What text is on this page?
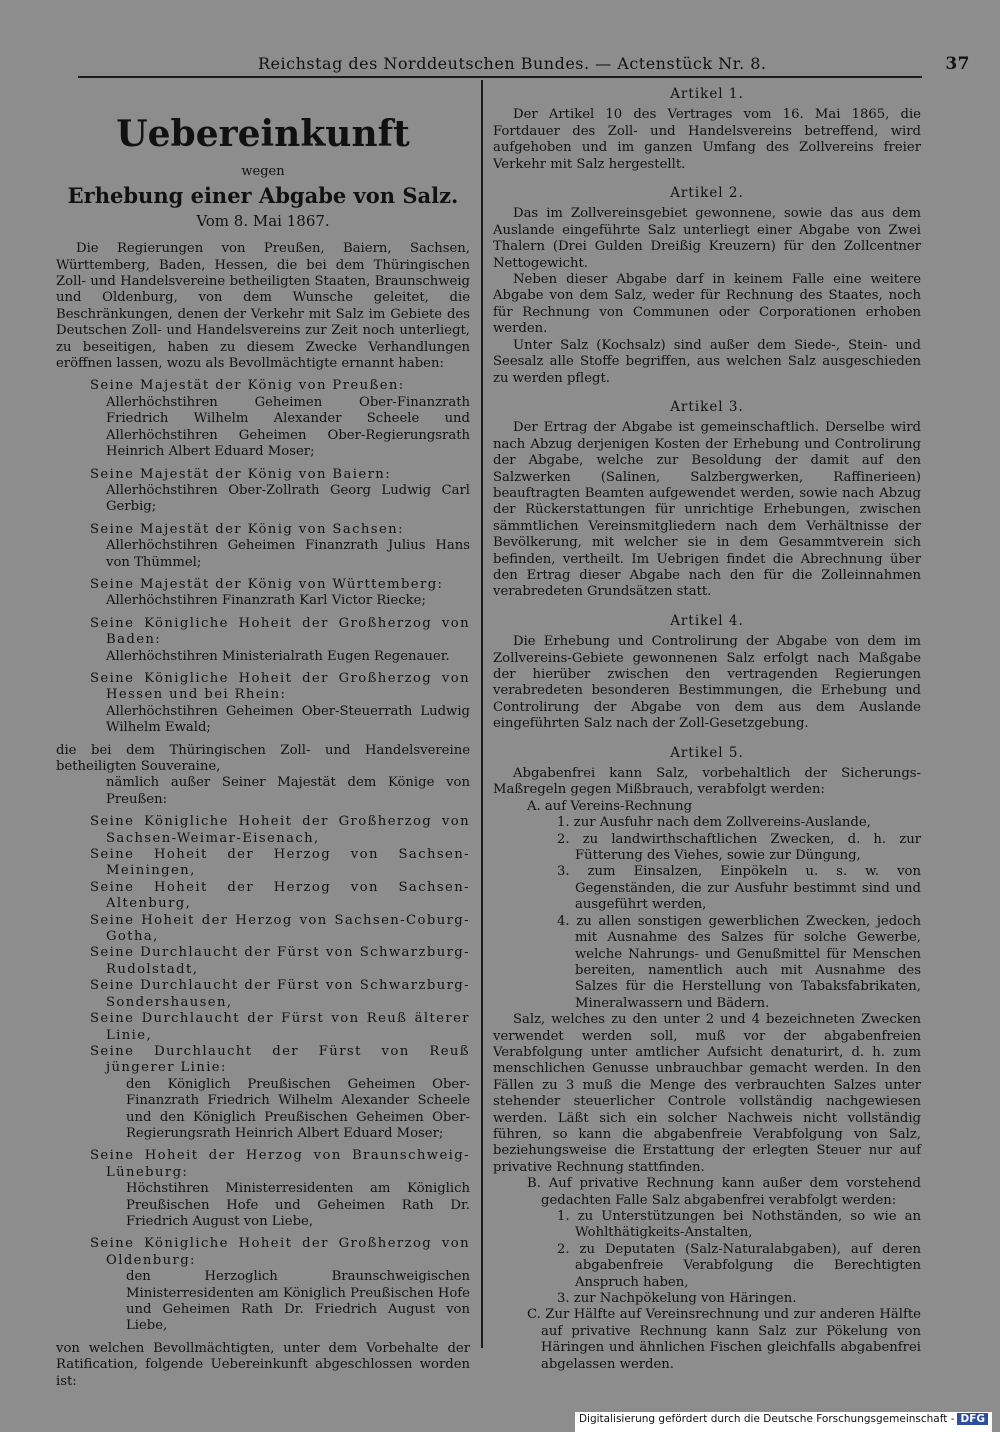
Reichstag des Norddeutschen Bundes. — Actenstück Nr. 8.	37
Uebereinkunft
wegen
Erhebung einer Abgabe von Salz.
Vom 8. Mai 1867.

Die Regierungen von Preußen, Baiern, Sachsen, Württemberg, Baden, Hessen, die bei dem Thüringischen Zoll- und Handelsvereine betheiligten Staaten, Braunschweig und Oldenburg, von dem Wunsche geleitet, die Beschränkungen, denen der Verkehr mit Salz im Gebiete des Deutschen Zoll- und Handelsvereins zur Zeit noch unterliegt, zu beseitigen, haben zu diesem Zwecke Verhandlungen eröffnen lassen, wozu als Bevollmächtigte ernannt haben:

Seine Majestät der König von Preußen:
Allerhöchstihren Geheimen Ober-Finanzrath Friedrich Wilhelm Alexander Scheele und Allerhöchstihren Geheimen Ober-Regierungsrath Heinrich Albert Eduard Moser;
Seine Majestät der König von Baiern:
Allerhöchstihren Ober-Zollrath Georg Ludwig Carl Gerbig;
Seine Majestät der König von Sachsen:
Allerhöchstihren Geheimen Finanzrath Julius Hans von Thümmel;
Seine Majestät der König von Württemberg:
Allerhöchstihren Finanzrath Karl Victor Riecke;
Seine Königliche Hoheit der Großherzog von Baden:
Allerhöchstihren Ministerialrath Eugen Regenauer.
Seine Königliche Hoheit der Großherzog von Hessen und bei Rhein:
Allerhöchstihren Geheimen Ober-Steuerrath Ludwig Wilhelm Ewald;
die bei dem Thüringischen Zoll- und Handelsvereine betheiligten Souveraine,
nämlich außer Seiner Majestät dem Könige von Preußen:
Seine Königliche Hoheit der Großherzog von Sachsen-Weimar-Eisenach,
Seine Hoheit der Herzog von Sachsen-Meiningen,
Seine Hoheit der Herzog von Sachsen-Altenburg,
Seine Hoheit der Herzog von Sachsen-Coburg-Gotha,
Seine Durchlaucht der Fürst von Schwarzburg-Rudolstadt,
Seine Durchlaucht der Fürst von Schwarzburg-Sondershausen,
Seine Durchlaucht der Fürst von Reuß älterer Linie,
Seine Durchlaucht der Fürst von Reuß jüngerer Linie:
den Königlich Preußischen Geheimen Ober-Finanzrath Friedrich Wilhelm Alexander Scheele und den Königlich Preußischen Geheimen Ober-Regierungsrath Heinrich Albert Eduard Moser;
Seine Hoheit der Herzog von Braunschweig-Lüneburg:
Höchstihren Ministerresidenten am Königlich Preußischen Hofe und Geheimen Rath Dr. Friedrich August von Liebe,
Seine Königliche Hoheit der Großherzog von Oldenburg:
den Herzoglich Braunschweigischen Ministerresidenten am Königlich Preußischen Hofe und Geheimen Rath Dr. Friedrich August von Liebe,
von welchen Bevollmächtigten, unter dem Vorbehalte der Ratification, folgende Uebereinkunft abgeschlossen worden ist:
Artikel 1.

Der Artikel 10 des Vertrages vom 16. Mai 1865, die Fortdauer des Zoll- und Handelsvereins betreffend, wird aufgehoben und im ganzen Umfang des Zollvereins freier Verkehr mit Salz hergestellt.

Artikel 2.

Das im Zollvereinsgebiet gewonnene, sowie das aus dem Auslande eingeführte Salz unterliegt einer Abgabe von Zwei Thalern (Drei Gulden Dreißig Kreuzern) für den Zollcentner Nettogewicht.

Neben dieser Abgabe darf in keinem Falle eine weitere Abgabe von dem Salz, weder für Rechnung des Staates, noch für Rechnung von Communen oder Corporationen erhoben werden.

Unter Salz (Kochsalz) sind außer dem Siede-, Stein- und Seesalz alle Stoffe begriffen, aus welchen Salz ausgeschieden zu werden pflegt.

Artikel 3.

Der Ertrag der Abgabe ist gemeinschaftlich. Derselbe wird nach Abzug derjenigen Kosten der Erhebung und Controlirung der Abgabe, welche zur Besoldung der damit auf den Salzwerken (Salinen, Salzbergwerken, Raffinerieen) beauftragten Beamten aufgewendet werden, sowie nach Abzug der Rückerstattungen für unrichtige Erhebungen, zwischen sämmtlichen Vereinsmitgliedern nach dem Verhältnisse der Bevölkerung, mit welcher sie in dem Gesammtverein sich befinden, vertheilt. Im Uebrigen findet die Abrechnung über den Ertrag dieser Abgabe nach den für die Zolleinnahmen verabredeten Grundsätzen statt.

Artikel 4.

Die Erhebung und Controlirung der Abgabe von dem im Zollvereins-Gebiete gewonnenen Salz erfolgt nach Maßgabe der hierüber zwischen den vertragenden Regierungen verabredeten besonderen Bestimmungen, die Erhebung und Controlirung der Abgabe von dem aus dem Auslande eingeführten Salz nach der Zoll-Gesetzgebung.

Artikel 5.

Abgabenfrei kann Salz, vorbehaltlich der Sicherungs-Maßregeln gegen Mißbrauch, verabfolgt werden:

A. auf Vereins-Rechnung
1. zur Ausfuhr nach dem Zollvereins-Auslande,
2. zu landwirthschaftlichen Zwecken, d. h. zur Fütterung des Viehes, sowie zur Düngung,
3. zum Einsalzen, Einpökeln u. s. w. von Gegenständen, die zur Ausfuhr bestimmt sind und ausgeführt werden,
4. zu allen sonstigen gewerblichen Zwecken, jedoch mit Ausnahme des Salzes für solche Gewerbe, welche Nahrungs- und Genußmittel für Menschen bereiten, namentlich auch mit Ausnahme des Salzes für die Herstellung von Tabaksfabrikaten, Mineralwassern und Bädern.

Salz, welches zu den unter 2 und 4 bezeichneten Zwecken verwendet werden soll, muß vor der abgabenfreien Verabfolgung unter amtlicher Aufsicht denaturirt, d. h. zum menschlichen Genusse unbrauchbar gemacht werden. In den Fällen zu 3 muß die Menge des verbrauchten Salzes unter stehender steuerlicher Controle vollständig nachgewiesen werden. Läßt sich ein solcher Nachweis nicht vollständig führen, so kann die abgabenfreie Verabfolgung von Salz, beziehungsweise die Erstattung der erlegten Steuer nur auf privative Rechnung stattfinden.

B. Auf privative Rechnung kann außer dem vorstehend gedachten Falle Salz abgabenfrei verabfolgt werden:
1. zu Unterstützungen bei Nothständen, so wie an Wohlthätigkeits-Anstalten,
2. zu Deputaten (Salz-Naturalabgaben), auf deren abgabenfreie Verabfolgung die Berechtigten Anspruch haben,
3. zur Nachpökelung von Häringen.
C. Zur Hälfte auf Vereinsrechnung und zur anderen Hälfte auf privative Rechnung kann Salz zur Pökelung von Häringen und ähnlichen Fischen gleichfalls abgabenfrei abgelassen werden.
Digitalisierung gefördert durch die Deutsche Forschungsgemeinschaft - DFG
